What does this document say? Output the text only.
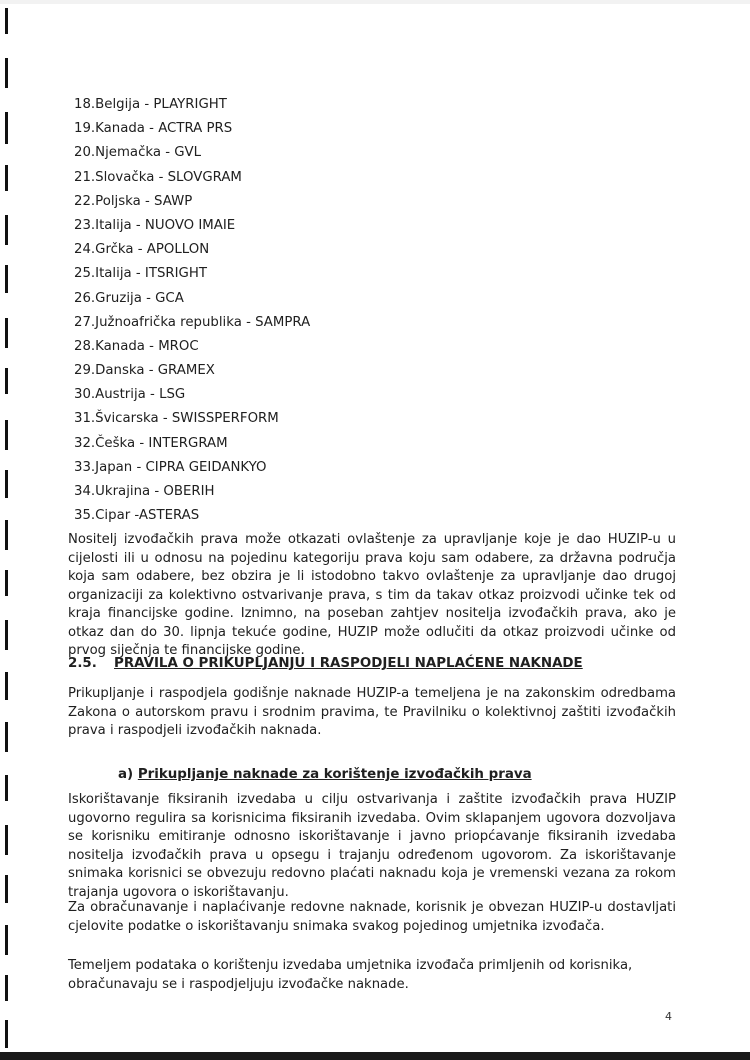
18.Belgija - PLAYRIGHT
19.Kanada - ACTRA PRS
20.Njemačka - GVL
21.Slovačka - SLOVGRAM
22.Poljska - SAWP
23.Italija - NUOVO IMAIE
24.Grčka - APOLLON
25.Italija - ITSRIGHT
26.Gruzija - GCA
27.Južnoafrička republika - SAMPRA
28.Kanada - MROC
29.Danska - GRAMEX
30.Austrija - LSG
31.Švicarska - SWISSPERFORM
32.Češka - INTERGRAM
33.Japan - CIPRA GEIDANKYO
34.Ukrajina - OBERIH
35.Cipar -ASTERAS

Nositelj izvođačkih prava može otkazati ovlaštenje za upravljanje koje je dao HUZIP-u u cijelosti ili u odnosu na pojedinu kategoriju prava koju sam odabere, za državna područja koja sam odabere, bez obzira je li istodobno takvo ovlaštenje za upravljanje dao drugoj organizaciji za kolektivno ostvarivanje prava, s tim da takav otkaz proizvodi učinke tek od kraja financijske godine. Iznimno, na poseban zahtjev nositelja izvođačkih prava, ako je otkaz dan do 30. lipnja tekuće godine, HUZIP može odlučiti da otkaz proizvodi učinke od prvog siječnja te financijske godine.

2.5. PRAVILA O PRIKUPLJANJU I RASPODJELI NAPLAĆENE NAKNADE

Prikupljanje i raspodjela godišnje naknade HUZIP-a temeljena je na zakonskim odredbama Zakona o autorskom pravu i srodnim pravima, te Pravilniku o kolektivnoj zaštiti izvođačkih prava i raspodjeli izvođačkih naknada.

a) Prikupljanje naknade za korištenje izvođačkih prava

Iskorištavanje fiksiranih izvedaba u cilju ostvarivanja i zaštite izvođačkih prava HUZIP ugovorno regulira sa korisnicima fiksiranih izvedaba. Ovim sklapanjem ugovora dozvoljava se korisniku emitiranje odnosno iskorištavanje i javno priopćavanje fiksiranih izvedaba nositelja izvođačkih prava u opsegu i trajanju određenom ugovorom. Za iskorištavanje snimaka korisnici se obvezuju redovno plaćati naknadu koja je vremenski vezana za rokom trajanja ugovora o iskorištavanju.

Za obračunavanje i naplaćivanje redovne naknade, korisnik je obvezan HUZIP-u dostavljati cjelovite podatke o iskorištavanju snimaka svakog pojedinog umjetnika izvođača.

Temeljem podataka o korištenju izvedaba umjetnika izvođača primljenih od korisnika, obračunavaju se i raspodjeljuju izvođačke naknade.

4
